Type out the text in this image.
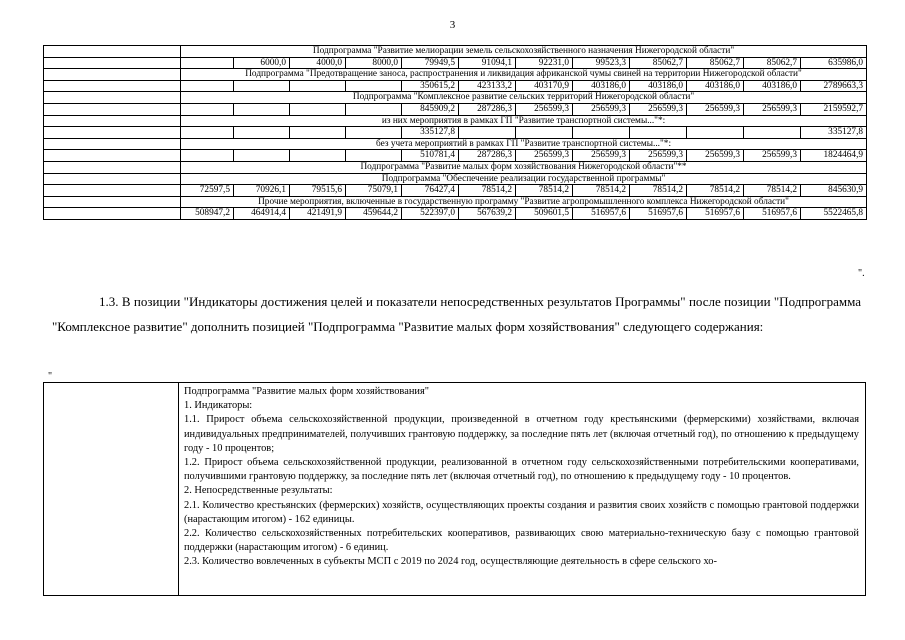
3
	Подпрограмма "Развитие мелиорации земель сельскохозяйственного назначения Нижегородской области"											
		6000,0	4000,0	8000,0	79949,5	91094,1	92231,0	99523,3	85062,7	85062,7	85062,7	635986,0
	Подпрограмма "Предотвращение заноса, распространения и ликвидация африканской чумы свиней на территории Нижегородской области"											
					350615,2	423133,2	403170,9	403186,0	403186,0	403186,0	403186,0	2789663,3
	Подпрограмма "Комплексное развитие сельских территорий Нижегородской области"											
					845909,2	287286,3	256599,3	256599,3	256599,3	256599,3	256599,3	2159592,7
	из них мероприятия в рамках ГП "Развитие транспортной системы..."*:											
					335127,8							335127,8
	без учета мероприятий в рамках ГП "Развитие транспортной системы..."*:											
					510781,4	287286,3	256599,3	256599,3	256599,3	256599,3	256599,3	1824464,9
	Подпрограмма "Развитие малых форм хозяйствования Нижегородской области"**											
	Подпрограмма "Обеспечение реализации государственной программы"											
	72597,5	70926,1	79515,6	75079,1	76427,4	78514,2	78514,2	78514,2	78514,2	78514,2	78514,2	845630,9
	Прочие мероприятия, включенные в государственную программу "Развитие агропромышленного комплекса Нижегородской области"											
	508947,2	464914,4	421491,9	459644,2	522397,0	567639,2	509601,5	516957,6	516957,6	516957,6	516957,6	5522465,8
".
1.3. В позиции "Индикаторы достижения целей и показатели непосредственных результатов Программы" после позиции "Подпрограмма "Комплексное развитие" дополнить позицией "Подпрограмма "Развитие малых форм хозяйствования" следующего содержания:
"

Подпрограмма "Развитие малых форм хозяйствования"

1. Индикаторы:

1.1. Прирост объема сельскохозяйственной продукции, произведенной в отчетном году крестьянскими (фермерскими) хозяйствами, включая индивидуальных предпринимателей, получивших грантовую поддержку, за последние пять лет (включая отчетный год), по отношению к предыдущему году - 10 процентов;

1.2. Прирост объема сельскохозяйственной продукции, реализованной в отчетном году сельскохозяйственными потребительскими кооперативами, получившими грантовую поддержку, за последние пять лет (включая отчетный год), по отношению к предыдущему году - 10 процентов.

2. Непосредственные результаты:

2.1. Количество крестьянских (фермерских) хозяйств, осуществляющих проекты создания и развития своих хозяйств с помощью грантовой поддержки (нарастающим итогом) - 162 единицы.

2.2. Количество сельскохозяйственных потребительских кооперативов, развивающих свою материально-техническую базу с помощью грантовой поддержки (нарастающим итогом) - 6 единиц.

2.3. Количество вовлеченных в субъекты МСП с 2019 по 2024 год, осуществляющие деятельность в сфере сельского хо-
